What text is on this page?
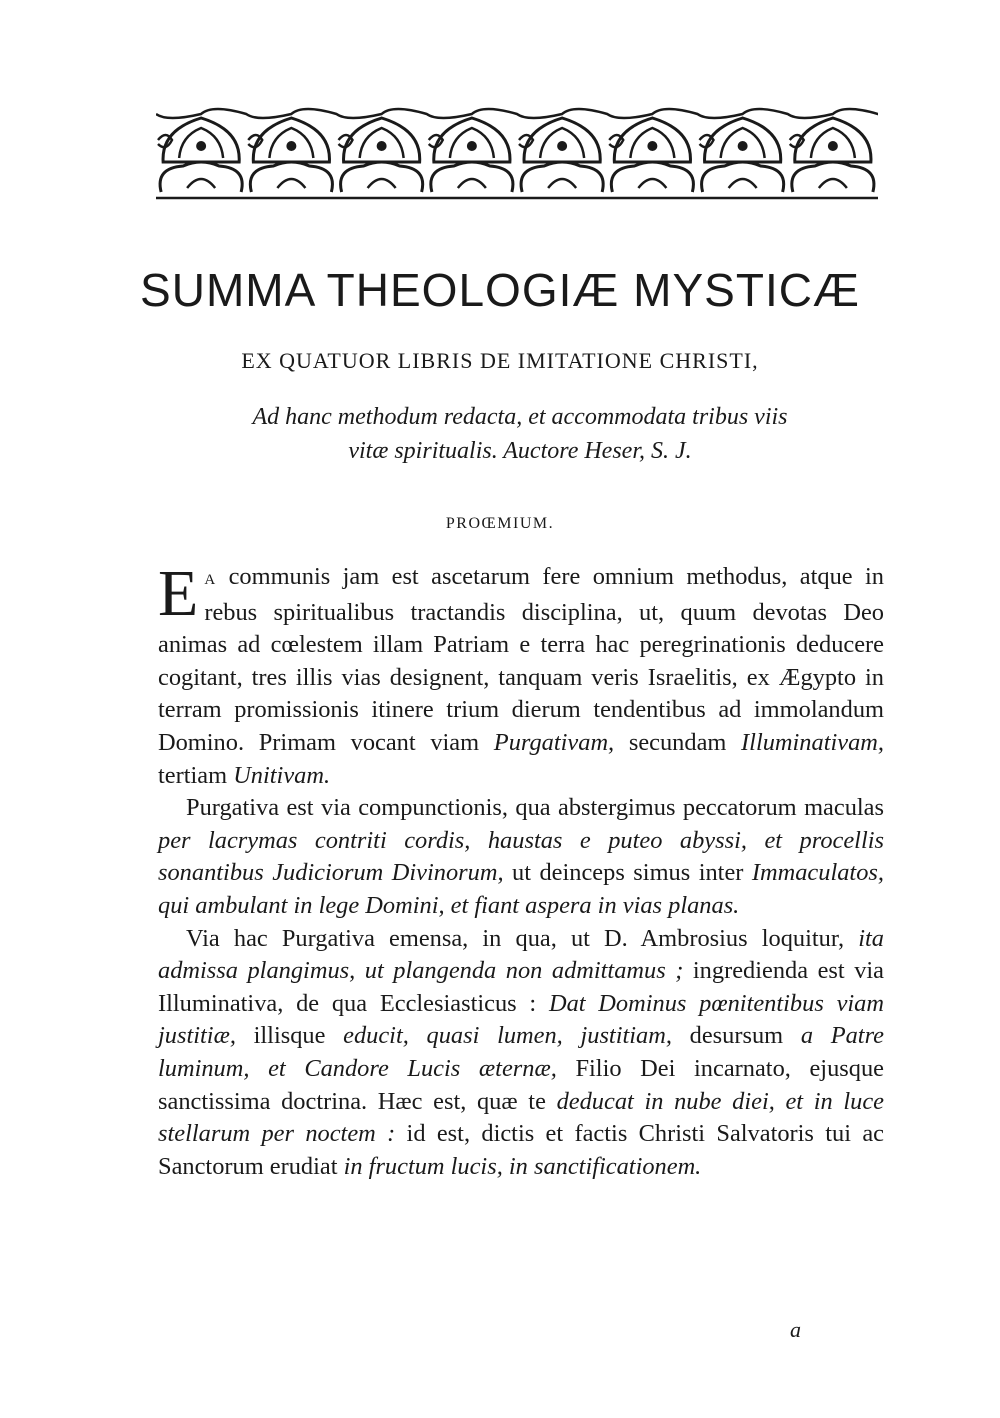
SUMMA THEOLOGIÆ MYSTICÆ
EX QUATUOR LIBRIS DE IMITATIONE CHRISTI,
Ad hanc methodum redacta, et accommodata tribus viis
vitæ spiritualis. Auctore Heser, S. J.
PROŒMIUM.

E A communis jam est ascetarum fere omnium methodus, atque in rebus spiritualibus tractandis disciplina, ut, quum devotas Deo animas ad cœlestem illam Patriam e terra hac peregrinationis deducere cogitant, tres illis vias designent, tanquam veris Israelitis, ex Ægypto in terram promissionis itinere trium dierum tendentibus ad immolandum Domino. Primam vocant viam Purgativam, secundam Illuminativam, tertiam Unitivam.

Purgativa est via compunctionis, qua abstergimus peccatorum maculas per lacrymas contriti cordis, haustas e puteo abyssi, et procellis sonantibus Judiciorum Divinorum, ut deinceps simus inter Immaculatos, qui ambulant in lege Domini, et fiant aspera in vias planas.

Via hac Purgativa emensa, in qua, ut D. Ambrosius loquitur, ita admissa plangimus, ut plangenda non admittamus ; ingredienda est via Illuminativa, de qua Ecclesiasticus : Dat Dominus pœnitentibus viam justitiæ, illisque educit, quasi lumen, justitiam, desursum a Patre luminum, et Candore Lucis æternæ, Filio Dei incarnato, ejusque sanctissima doctrina. Hæc est, quæ te deducat in nube diei, et in luce stellarum per noctem : id est, dictis et factis Christi Salvatoris tui ac Sanctorum erudiat in fructum lucis, in sanctificationem.

a
